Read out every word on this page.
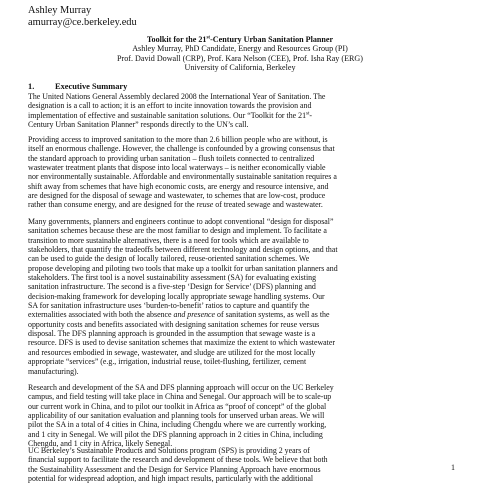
Ashley Murray
amurray@ce.berkeley.edu
Toolkit for the 21st-Century Urban Sanitation Planner
Ashley Murray, PhD Candidate, Energy and Resources Group (PI)
Prof. David Dowall (CRP), Prof. Kara Nelson (CEE), Prof. Isha Ray (ERG)
University of California, Berkeley
1. Executive Summary
The United Nations General Assembly declared 2008 the International Year of Sanitation. The
designation is a call to action; it is an effort to incite innovation towards the provision and
implementation of effective and sustainable sanitation solutions. Our “Toolkit for the 21st-
Century Urban Sanitation Planner” responds directly to the UN’s call.
Providing access to improved sanitation to the more than 2.6 billion people who are without, is
itself an enormous challenge. However, the challenge is confounded by a growing consensus that
the standard approach to providing urban sanitation – flush toilets connected to centralized
wastewater treatment plants that dispose into local waterways – is neither economically viable
nor environmentally sustainable. Affordable and environmentally sustainable sanitation requires a
shift away from schemes that have high economic costs, are energy and resource intensive, and
are designed for the disposal of sewage and wastewater, to schemes that are low-cost, produce
rather than consume energy, and are designed for the reuse of treated sewage and wastewater.
Many governments, planners and engineers continue to adopt conventional “design for disposal”
sanitation schemes because these are the most familiar to design and implement. To facilitate a
transition to more sustainable alternatives, there is a need for tools which are available to
stakeholders, that quantify the tradeoffs between different technology and design options, and that
can be used to guide the design of locally tailored, reuse-oriented sanitation schemes. We
propose developing and piloting two tools that make up a toolkit for urban sanitation planners and
stakeholders. The first tool is a novel sustainability assessment (SA) for evaluating existing
sanitation infrastructure. The second is a five-step ‘Design for Service’ (DFS) planning and
decision-making framework for developing locally appropriate sewage handling systems. Our
SA for sanitation infrastructure uses ‘burden-to-benefit’ ratios to capture and quantify the
externalities associated with both the absence and presence of sanitation systems, as well as the
opportunity costs and benefits associated with designing sanitation schemes for reuse versus
disposal. The DFS planning approach is grounded in the assumption that sewage waste is a
resource. DFS is used to devise sanitation schemes that maximize the extent to which wastewater
and resources embodied in sewage, wastewater, and sludge are utilized for the most locally
appropriate “services” (e.g., irrigation, industrial reuse, toilet-flushing, fertilizer, cement
manufacturing).
Research and development of the SA and DFS planning approach will occur on the UC Berkeley
campus, and field testing will take place in China and Senegal. Our approach will be to scale-up
our current work in China, and to pilot our toolkit in Africa as “proof of concept” of the global
applicability of our sanitation evaluation and planning tools for unserved urban areas. We will
pilot the SA in a total of 4 cities in China, including Chengdu where we are currently working,
and 1 city in Senegal. We will pilot the DFS planning approach in 2 cities in China, including
Chengdu, and 1 city in Africa, likely Senegal.
UC Berkeley’s Sustainable Products and Solutions program (SPS) is providing 2 years of
financial support to facilitate the research and development of these tools. We believe that both
the Sustainability Assessment and the Design for Service Planning Approach have enormous
potential for widespread adoption, and high impact results, particularly with the additional
1
